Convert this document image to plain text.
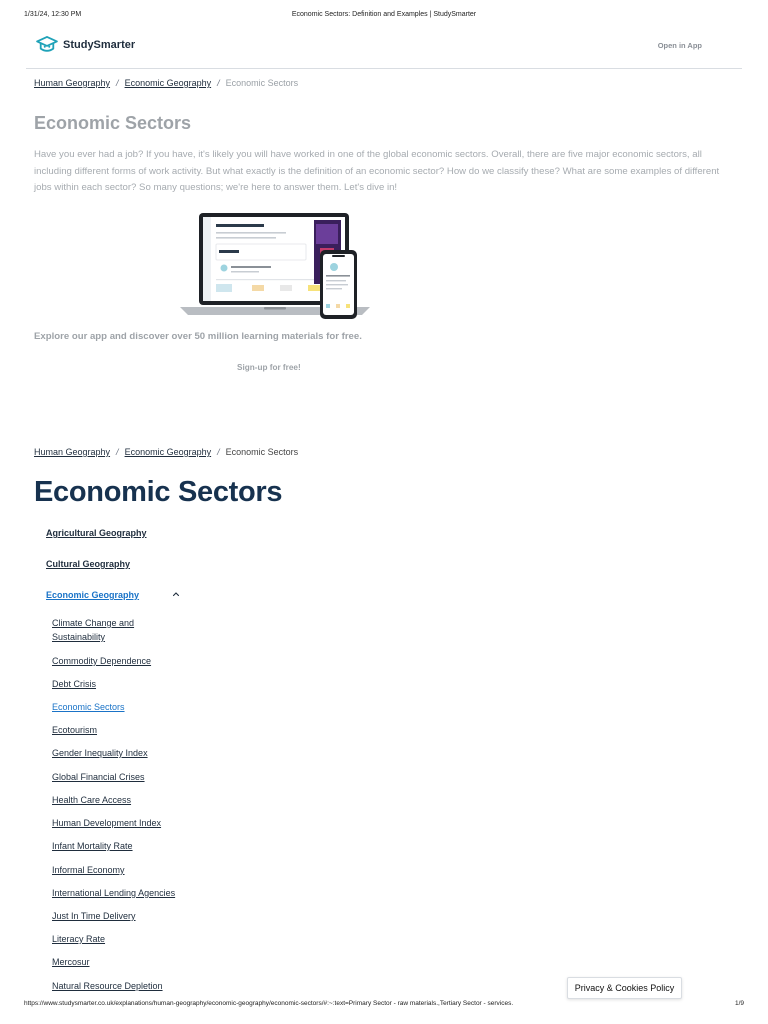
1/31/24, 12:30 PM	Economic Sectors: Definition and Examples | StudySmarter
StudySmarter	Open in App
Human Geography / Economic Geography / Economic Sectors
Economic Sectors

Have you ever had a job? If you have, it's likely you will have worked in one of the global economic sectors. Overall, there are five major economic sectors, all including different forms of work activity. But what exactly is the definition of an economic sector? How do we classify these? What are some examples of different jobs within each sector? So many questions; we're here to answer them. Let's dive in!

Explore our app and discover over 50 million learning materials for free.

Sign-up for free!
Human Geography / Economic Geography / Economic Sectors
Economic Sectors
Agricultural Geography
Cultural Geography
Economic Geography
Climate Change and Sustainability
Commodity Dependence
Debt Crisis
Economic Sectors
Ecotourism
Gender Inequality Index
Global Financial Crises
Health Care Access
Human Development Index
Infant Mortality Rate
Informal Economy
International Lending Agencies
Just In Time Delivery
Literacy Rate
Mercosur
Natural Resource Depletion	Privacy & Cookies Policy
https://www.studysmarter.co.uk/explanations/human-geography/economic-geography/economic-sectors/#:~:text=Primary Sector - raw materials.,Tertiary Sector - services.	1/9
